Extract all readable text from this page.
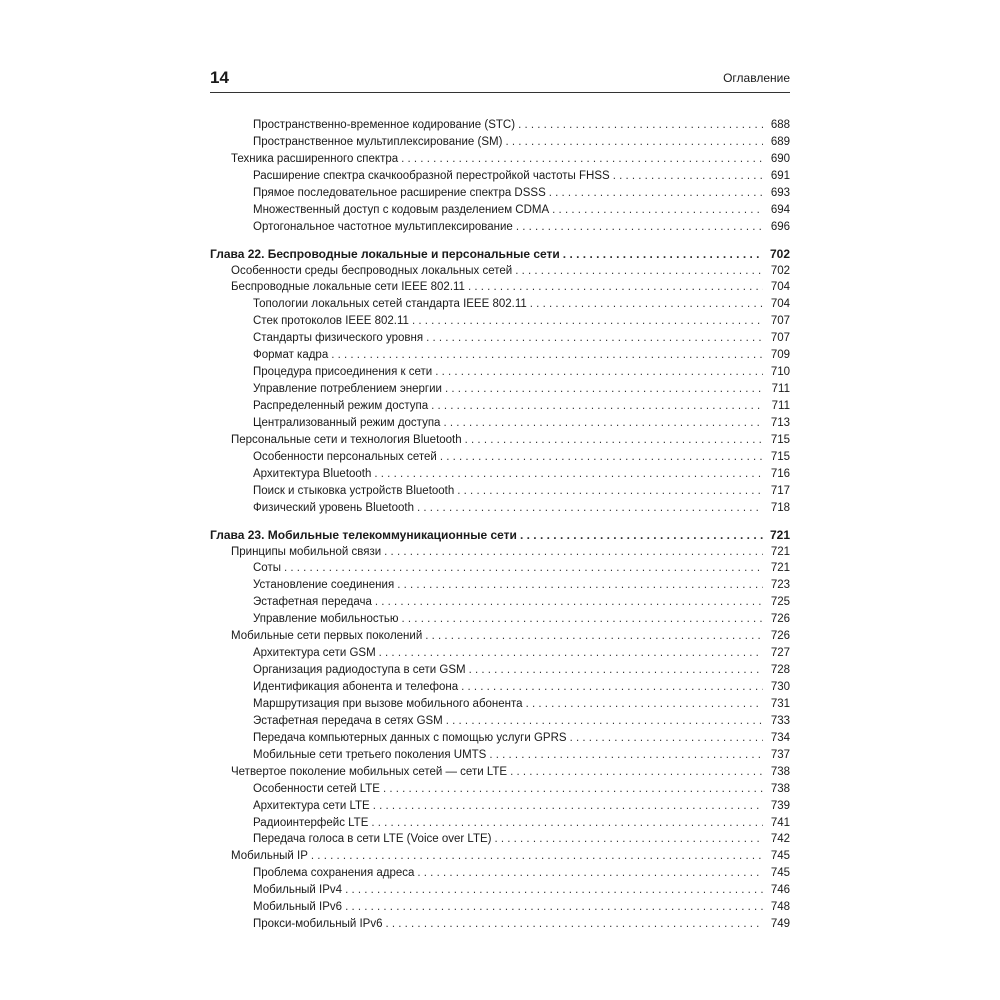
14	Оглавление
Пространственно-временное кодирование (STC) . . .	688
Пространственное мультиплексирование (SM) . . .	689
Техника расширенного спектра . . .	690
Расширение спектра скачкообразной перестройкой частоты FHSS . . .	691
Прямое последовательное расширение спектра DSSS . . .	693
Множественный доступ с кодовым разделением CDMA . . .	694
Ортогональное частотное мультиплексирование . . .	696
Глава 22. Беспроводные локальные и персональные сети . . .	702
Особенности среды беспроводных локальных сетей . . .	702
Беспроводные локальные сети IEEE 802.11 . . .	704
Топологии локальных сетей стандарта IEEE 802.11 . . .	704
Стек протоколов IEEE 802.11 . . .	707
Стандарты физического уровня . . .	707
Формат кадра . . .	709
Процедура присоединения к сети . . .	710
Управление потреблением энергии . . .	711
Распределенный режим доступа . . .	711
Централизованный режим доступа . . .	713
Персональные сети и технология Bluetooth . . .	715
Особенности персональных сетей . . .	715
Архитектура Bluetooth . . .	716
Поиск и стыковка устройств Bluetooth . . .	717
Физический уровень Bluetooth . . .	718
Глава 23. Мобильные телекоммуникационные сети . . .	721
Принципы мобильной связи . . .	721
Соты . . .	721
Установление соединения . . .	723
Эстафетная передача . . .	725
Управление мобильностью . . .	726
Мобильные сети первых поколений . . .	726
Архитектура сети GSM . . .	727
Организация радиодоступа в сети GSM . . .	728
Идентификация абонента и телефона . . .	730
Маршрутизация при вызове мобильного абонента . . .	731
Эстафетная передача в сетях GSM . . .	733
Передача компьютерных данных с помощью услуги GPRS . . .	734
Мобильные сети третьего поколения UMTS . . .	737
Четвертое поколение мобильных сетей — сети LTE . . .	738
Особенности сетей LTE . . .	738
Архитектура сети LTE . . .	739
Радиоинтерфейс LTE . . .	741
Передача голоса в сети LTE (Voice over LTE) . . .	742
Мобильный IP . . .	745
Проблема сохранения адреса . . .	745
Мобильный IPv4 . . .	746
Мобильный IPv6 . . .	748
Прокси-мобильный IPv6 . . .	749
